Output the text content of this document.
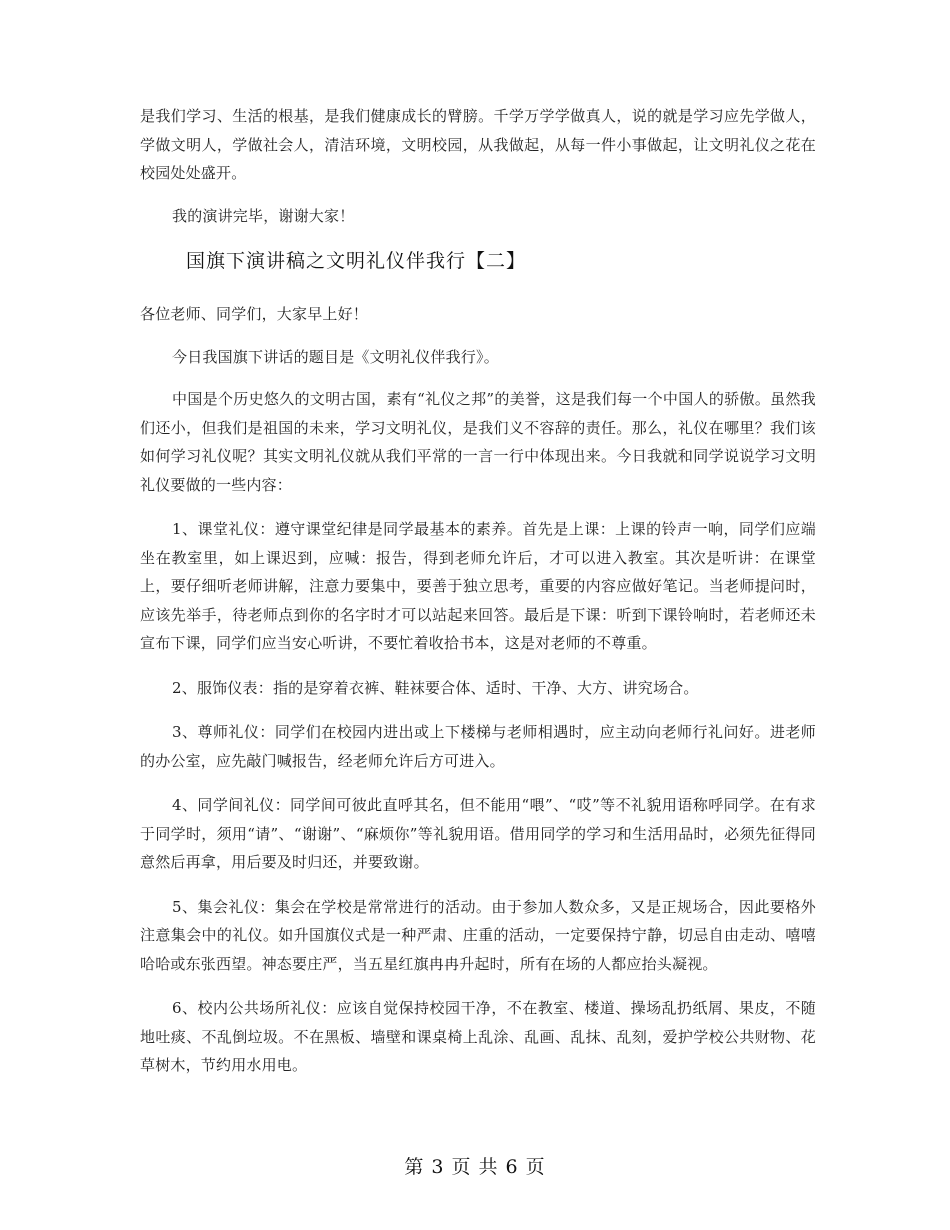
是我们学习、生活的根基，是我们健康成长的臂膀。千学万学学做真人，说的就是学习应先学做人，学做文明人，学做社会人，清洁环境，文明校园，从我做起，从每一件小事做起，让文明礼仪之花在校园处处盛开。

我的演讲完毕，谢谢大家！

国旗下演讲稿之文明礼仪伴我行【二】

各位老师、同学们，大家早上好！

今日我国旗下讲话的题目是《文明礼仪伴我行》。

中国是个历史悠久的文明古国，素有“礼仪之邦”的美誉，这是我们每一个中国人的骄傲。虽然我们还小，但我们是祖国的未来，学习文明礼仪，是我们义不容辞的责任。那么，礼仪在哪里？我们该如何学习礼仪呢？其实文明礼仪就从我们平常的一言一行中体现出来。今日我就和同学说说学习文明礼仪要做的一些内容：

1、课堂礼仪：遵守课堂纪律是同学最基本的素养。首先是上课：上课的铃声一响，同学们应端坐在教室里，如上课迟到，应喊：报告，得到老师允许后，才可以进入教室。其次是听讲：在课堂上，要仔细听老师讲解，注意力要集中，要善于独立思考，重要的内容应做好笔记。当老师提问时，应该先举手，待老师点到你的名字时才可以站起来回答。最后是下课：听到下课铃响时，若老师还未宣布下课，同学们应当安心听讲，不要忙着收拾书本，这是对老师的不尊重。

2、服饰仪表：指的是穿着衣裤、鞋袜要合体、适时、干净、大方、讲究场合。

3、尊师礼仪：同学们在校园内进出或上下楼梯与老师相遇时，应主动向老师行礼问好。进老师的办公室，应先敲门喊报告，经老师允许后方可进入。

4、同学间礼仪：同学间可彼此直呼其名，但不能用“喂”、“哎”等不礼貌用语称呼同学。在有求于同学时，须用“请”、“谢谢”、“麻烦你”等礼貌用语。借用同学的学习和生活用品时，必须先征得同意然后再拿，用后要及时归还，并要致谢。

5、集会礼仪：集会在学校是常常进行的活动。由于参加人数众多，又是正规场合，因此要格外注意集会中的礼仪。如升国旗仪式是一种严肃、庄重的活动，一定要保持宁静，切忌自由走动、嘻嘻哈哈或东张西望。神态要庄严，当五星红旗冉冉升起时，所有在场的人都应抬头凝视。

6、校内公共场所礼仪：应该自觉保持校园干净，不在教室、楼道、操场乱扔纸屑、果皮，不随地吐痰、不乱倒垃圾。不在黑板、墙壁和课桌椅上乱涂、乱画、乱抹、乱刻，爱护学校公共财物、花草树木，节约用水用电。

第 3 页 共 6 页
